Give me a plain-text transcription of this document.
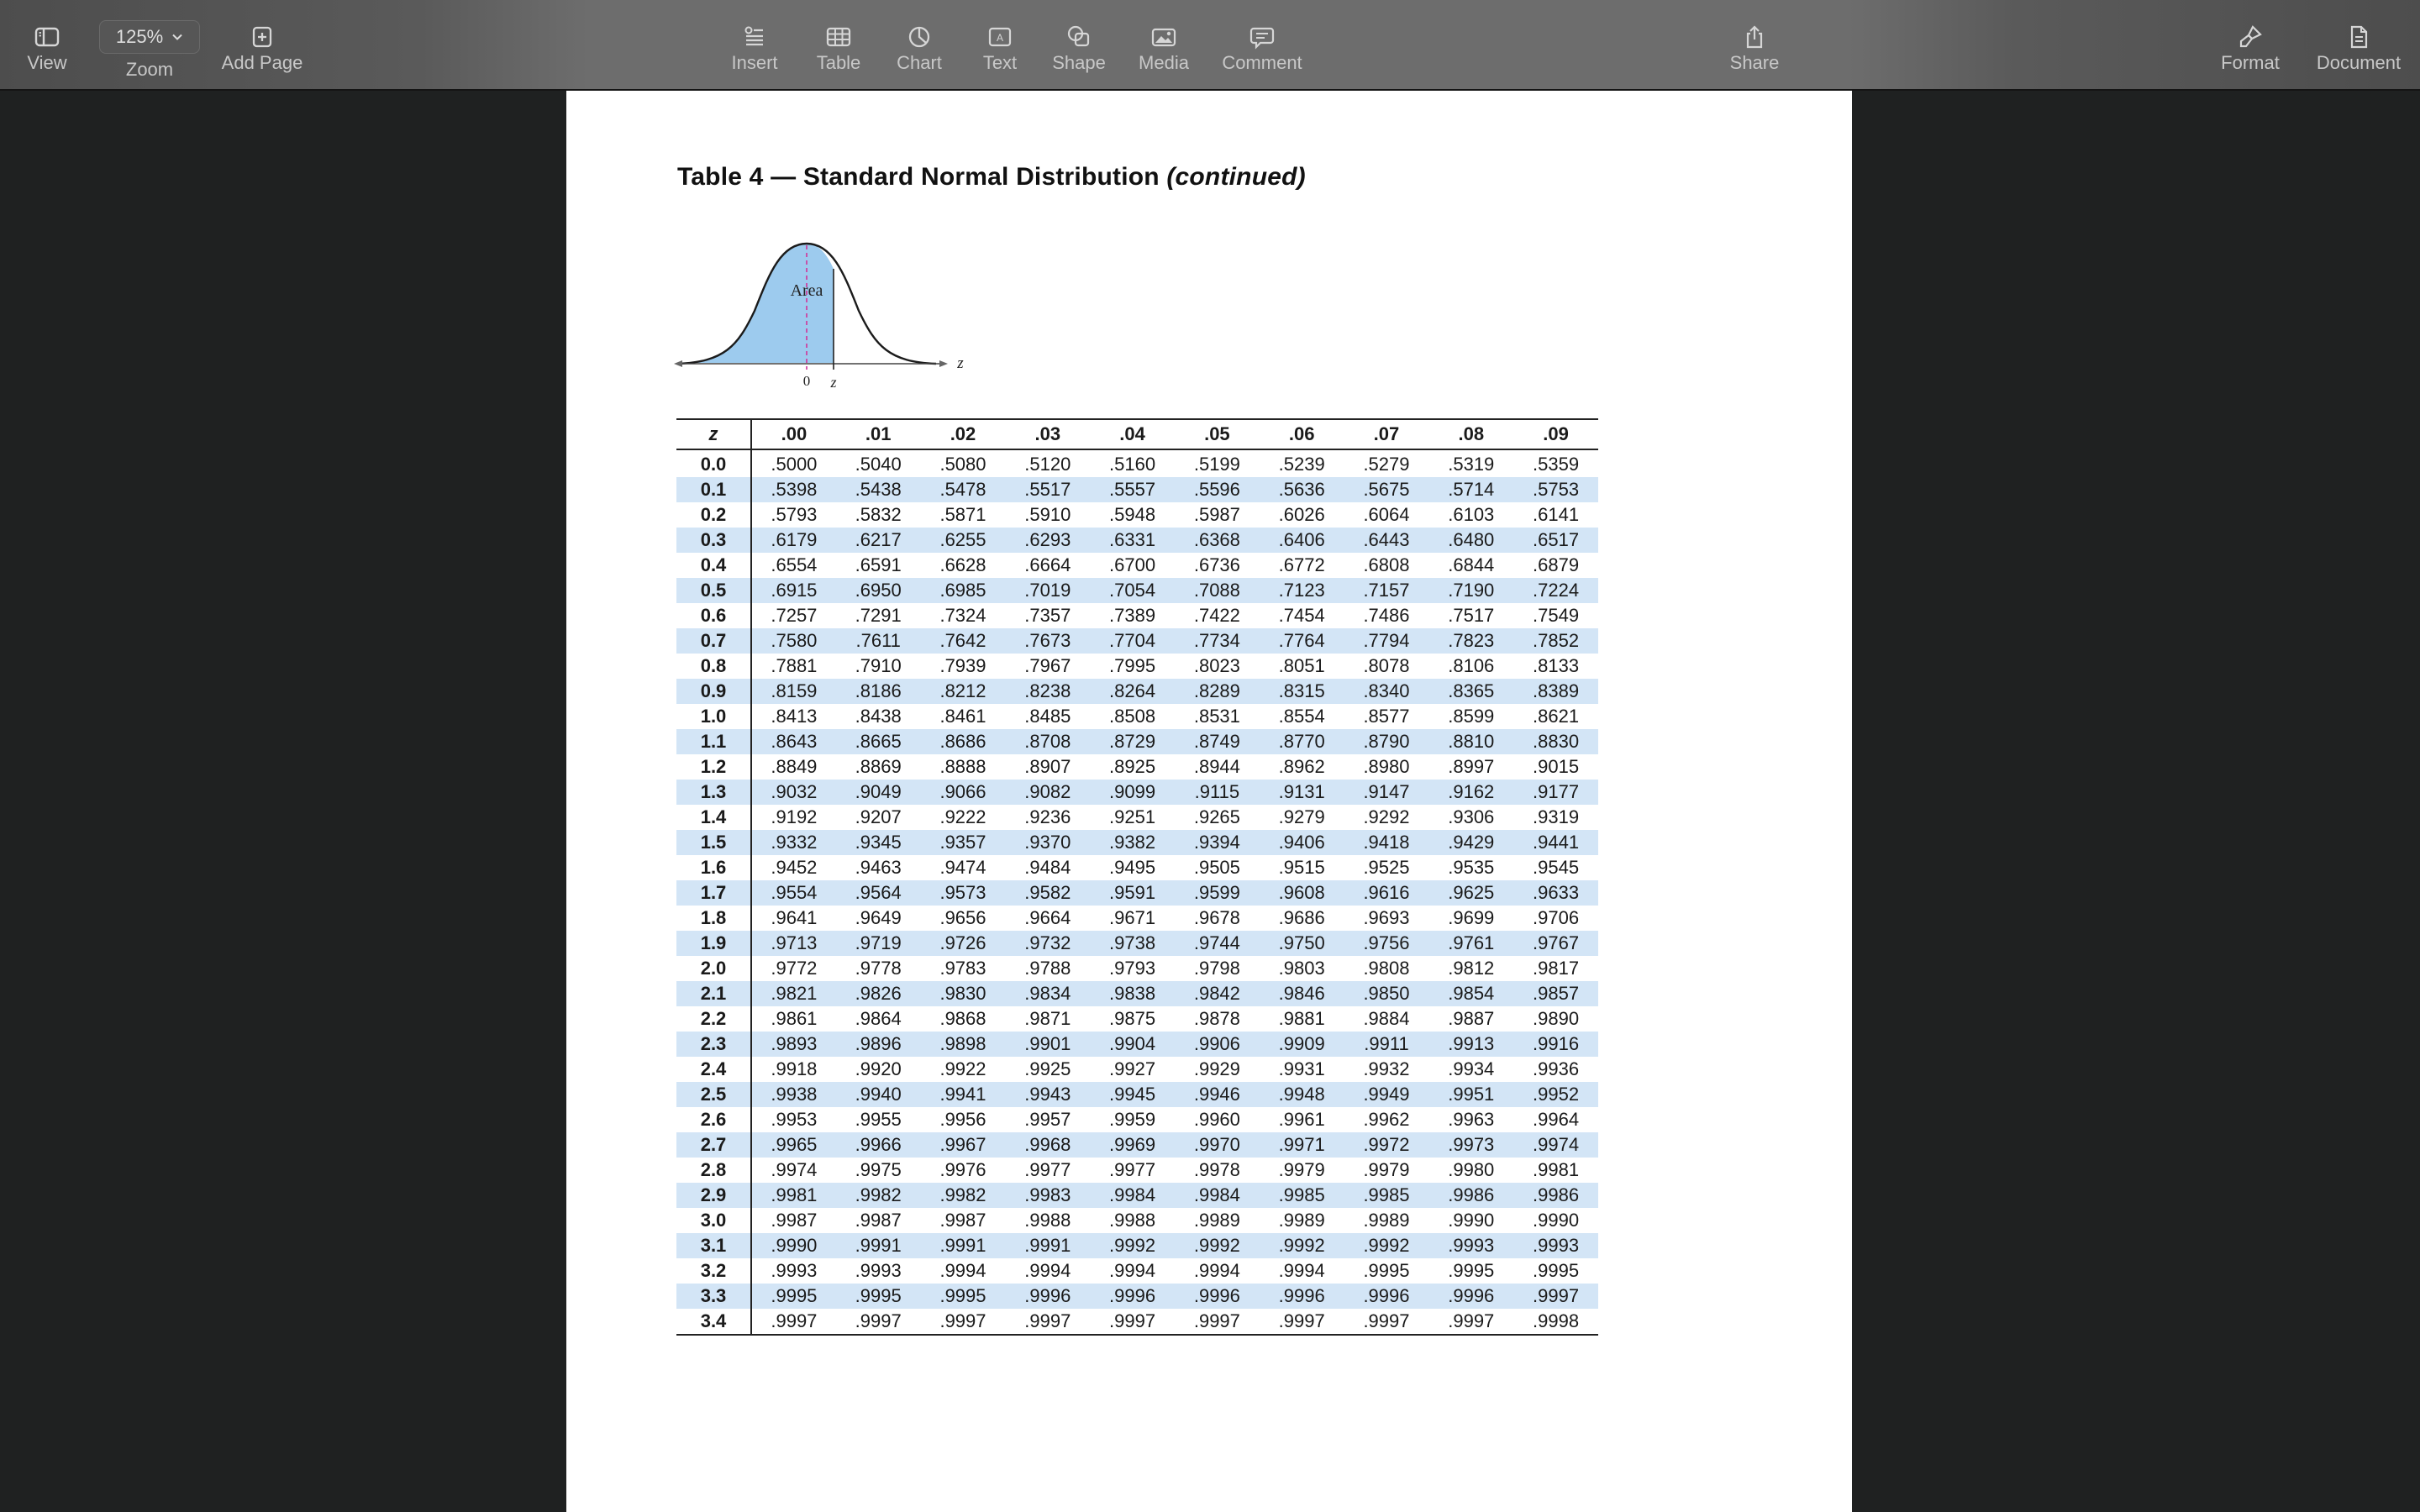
View
125%
Zoom	Add Page	Insert Table Chart
A
Text Shape Media Comment	Share	Format Document
Table 4 — Standard Normal Distribution (continued)
Area
0 z
z
z	.00	.01	.02	.03	.04	.05	.06	.07	.08	.09
0.0	.5000	.5040	.5080	.5120	.5160	.5199	.5239	.5279	.5319	.5359
0.1	.5398	.5438	.5478	.5517	.5557	.5596	.5636	.5675	.5714	.5753
0.2	.5793	.5832	.5871	.5910	.5948	.5987	.6026	.6064	.6103	.6141
0.3	.6179	.6217	.6255	.6293	.6331	.6368	.6406	.6443	.6480	.6517
0.4	.6554	.6591	.6628	.6664	.6700	.6736	.6772	.6808	.6844	.6879
0.5	.6915	.6950	.6985	.7019	.7054	.7088	.7123	.7157	.7190	.7224
0.6	.7257	.7291	.7324	.7357	.7389	.7422	.7454	.7486	.7517	.7549
0.7	.7580	.7611	.7642	.7673	.7704	.7734	.7764	.7794	.7823	.7852
0.8	.7881	.7910	.7939	.7967	.7995	.8023	.8051	.8078	.8106	.8133
0.9	.8159	.8186	.8212	.8238	.8264	.8289	.8315	.8340	.8365	.8389
1.0	.8413	.8438	.8461	.8485	.8508	.8531	.8554	.8577	.8599	.8621
1.1	.8643	.8665	.8686	.8708	.8729	.8749	.8770	.8790	.8810	.8830
1.2	.8849	.8869	.8888	.8907	.8925	.8944	.8962	.8980	.8997	.9015
1.3	.9032	.9049	.9066	.9082	.9099	.9115	.9131	.9147	.9162	.9177
1.4	.9192	.9207	.9222	.9236	.9251	.9265	.9279	.9292	.9306	.9319
1.5	.9332	.9345	.9357	.9370	.9382	.9394	.9406	.9418	.9429	.9441
1.6	.9452	.9463	.9474	.9484	.9495	.9505	.9515	.9525	.9535	.9545
1.7	.9554	.9564	.9573	.9582	.9591	.9599	.9608	.9616	.9625	.9633
1.8	.9641	.9649	.9656	.9664	.9671	.9678	.9686	.9693	.9699	.9706
1.9	.9713	.9719	.9726	.9732	.9738	.9744	.9750	.9756	.9761	.9767
2.0	.9772	.9778	.9783	.9788	.9793	.9798	.9803	.9808	.9812	.9817
2.1	.9821	.9826	.9830	.9834	.9838	.9842	.9846	.9850	.9854	.9857
2.2	.9861	.9864	.9868	.9871	.9875	.9878	.9881	.9884	.9887	.9890
2.3	.9893	.9896	.9898	.9901	.9904	.9906	.9909	.9911	.9913	.9916
2.4	.9918	.9920	.9922	.9925	.9927	.9929	.9931	.9932	.9934	.9936
2.5	.9938	.9940	.9941	.9943	.9945	.9946	.9948	.9949	.9951	.9952
2.6	.9953	.9955	.9956	.9957	.9959	.9960	.9961	.9962	.9963	.9964
2.7	.9965	.9966	.9967	.9968	.9969	.9970	.9971	.9972	.9973	.9974
2.8	.9974	.9975	.9976	.9977	.9977	.9978	.9979	.9979	.9980	.9981
2.9	.9981	.9982	.9982	.9983	.9984	.9984	.9985	.9985	.9986	.9986
3.0	.9987	.9987	.9987	.9988	.9988	.9989	.9989	.9989	.9990	.9990
3.1	.9990	.9991	.9991	.9991	.9992	.9992	.9992	.9992	.9993	.9993
3.2	.9993	.9993	.9994	.9994	.9994	.9994	.9994	.9995	.9995	.9995
3.3	.9995	.9995	.9995	.9996	.9996	.9996	.9996	.9996	.9996	.9997
3.4	.9997	.9997	.9997	.9997	.9997	.9997	.9997	.9997	.9997	.9998
